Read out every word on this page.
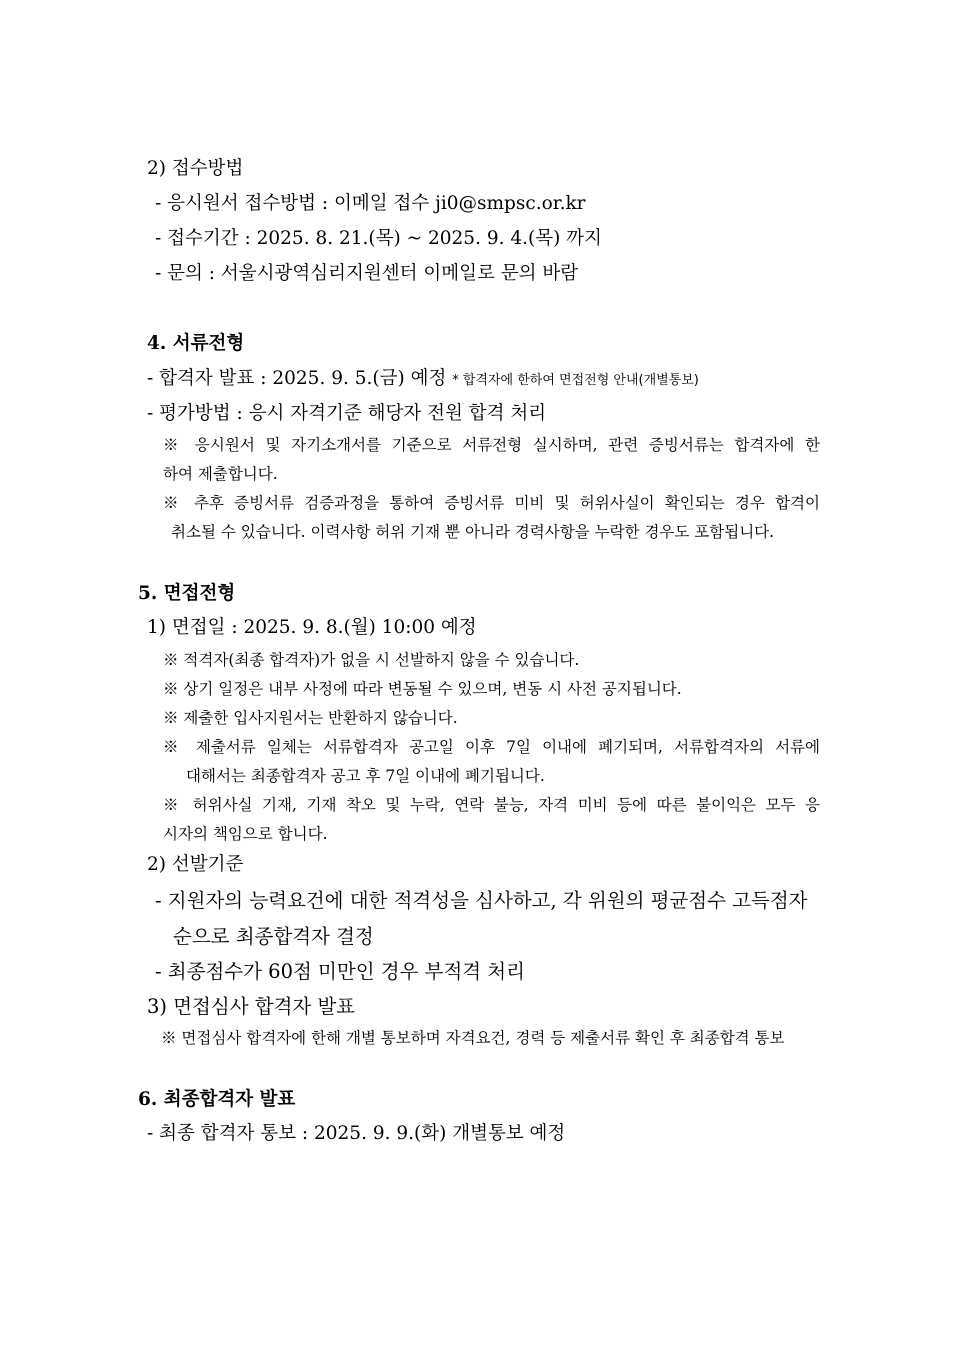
2) 접수방법
- 응시원서 접수방법 : 이메일 접수 ji0@smpsc.or.kr
- 접수기간 : 2025. 8. 21.(목) ~ 2025. 9. 4.(목) 까지
- 문의 : 서울시광역심리지원센터 이메일로 문의 바람
4. 서류전형
- 합격자 발표 : 2025. 9. 5.(금) 예정 * 합격자에 한하여 면접전형 안내(개별통보)
- 평가방법 : 응시 자격기준 해당자 전원 합격 처리
※ 응시원서 및 자기소개서를 기준으로 서류전형 실시하며, 관련 증빙서류는 합격자에 한
하여 제출합니다.
※ 추후 증빙서류 검증과정을 통하여 증빙서류 미비 및 허위사실이 확인되는 경우 합격이
취소될 수 있습니다. 이력사항 허위 기재 뿐 아니라 경력사항을 누락한 경우도 포함됩니다.
5. 면접전형
1) 면접일 : 2025. 9. 8.(월) 10:00 예정
※ 적격자(최종 합격자)가 없을 시 선발하지 않을 수 있습니다.
※ 상기 일정은 내부 사정에 따라 변동될 수 있으며, 변동 시 사전 공지됩니다.
※ 제출한 입사지원서는 반환하지 않습니다.
※ 제출서류 일체는 서류합격자 공고일 이후 7일 이내에 폐기되며, 서류합격자의 서류에
대해서는 최종합격자 공고 후 7일 이내에 폐기됩니다.
※ 허위사실 기재, 기재 착오 및 누락, 연락 불능, 자격 미비 등에 따른 불이익은 모두 응
시자의 책임으로 합니다.
2) 선발기준
- 지원자의 능력요건에 대한 적격성을 심사하고, 각 위원의 평균점수 고득점자
순으로 최종합격자 결정
- 최종점수가 60점 미만인 경우 부적격 처리
3) 면접심사 합격자 발표
※ 면접심사 합격자에 한해 개별 통보하며 자격요건, 경력 등 제출서류 확인 후 최종합격 통보
6. 최종합격자 발표
- 최종 합격자 통보 : 2025. 9. 9.(화) 개별통보 예정
